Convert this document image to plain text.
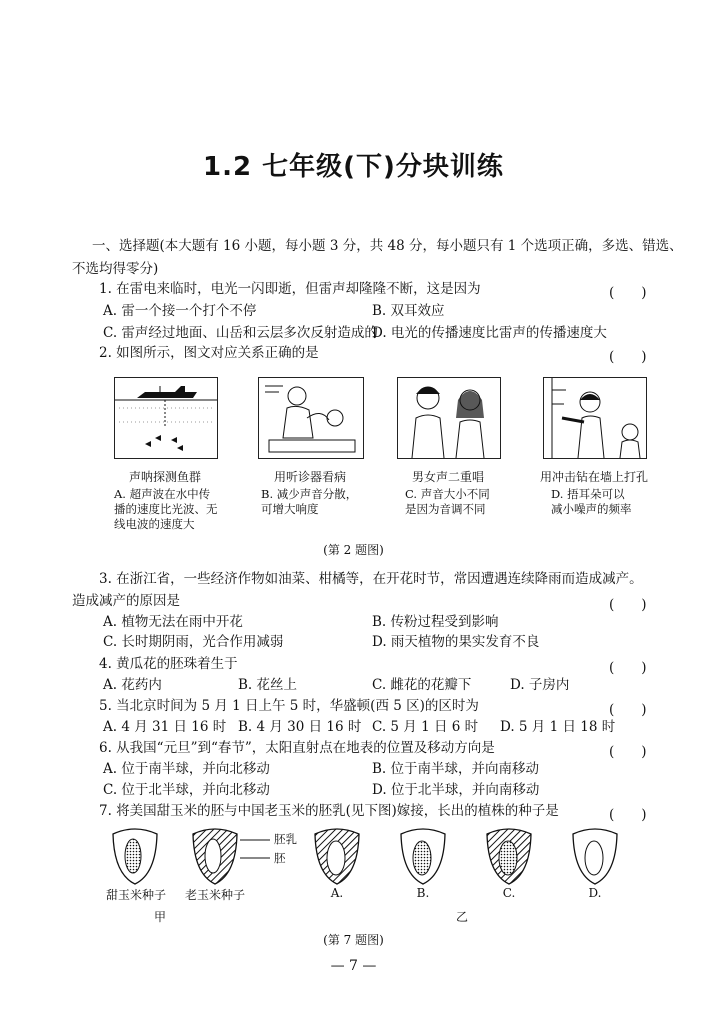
1.2 七年级(下)分块训练
一、选择题(本大题有 16 小题，每小题 3 分，共 48 分，每小题只有 1 个选项正确，多选、错选、
不选均得零分)
1. 在雷电来临时，电光一闪即逝，但雷声却隆隆不断，这是因为	(　　)
A. 雷一个接一个打个不停	B. 双耳效应
C. 雷声经过地面、山岳和云层多次反射造成的
D. 电光的传播速度比雷声的传播速度大
2. 如图所示，图文对应关系正确的是	(　　)
声呐探测鱼群	用听诊器看病	男女声二重唱	用冲击钻在墙上打孔
A. 超声波在水中传
播的速度比光波、无
线电波的速度大
B. 减少声音分散，
可增大响度
C. 声音大小不同
是因为音调不同
D. 捂耳朵可以
减小噪声的频率
(第 2 题图)
3. 在浙江省，一些经济作物如油菜、柑橘等，在开花时节，常因遭遇连续降雨而造成减产。
造成减产的原因是	(　　)
A. 植物无法在雨中开花	B. 传粉过程受到影响
C. 长时期阴雨，光合作用减弱	D. 雨天植物的果实发育不良
4. 黄瓜花的胚珠着生于	(　　)
A. 花药内	B. 花丝上	C. 雌花的花瓣下	D. 子房内
5. 当北京时间为 5 月 1 日上午 5 时，华盛顿(西 5 区)的区时为	(　　)
A. 4 月 31 日 16 时 B. 4 月 30 日 16 时 C. 5 月 1 日 6 时 D. 5 月 1 日 18 时
6. 从我国“元旦”到“春节”，太阳直射点在地表的位置及移动方向是	(　　)
A. 位于南半球，并向北移动	B. 位于南半球，并向南移动
C. 位于北半球，并向北移动	D. 位于北半球，并向南移动
7. 将美国甜玉米的胚与中国老玉米的胚乳(见下图)嫁接，长出的植株的种子是	(　　)
胚乳
胚
甜玉米种子	老玉米种子	A.	B.	C.	D.
甲	乙
(第 7 题图)
— 7 —
